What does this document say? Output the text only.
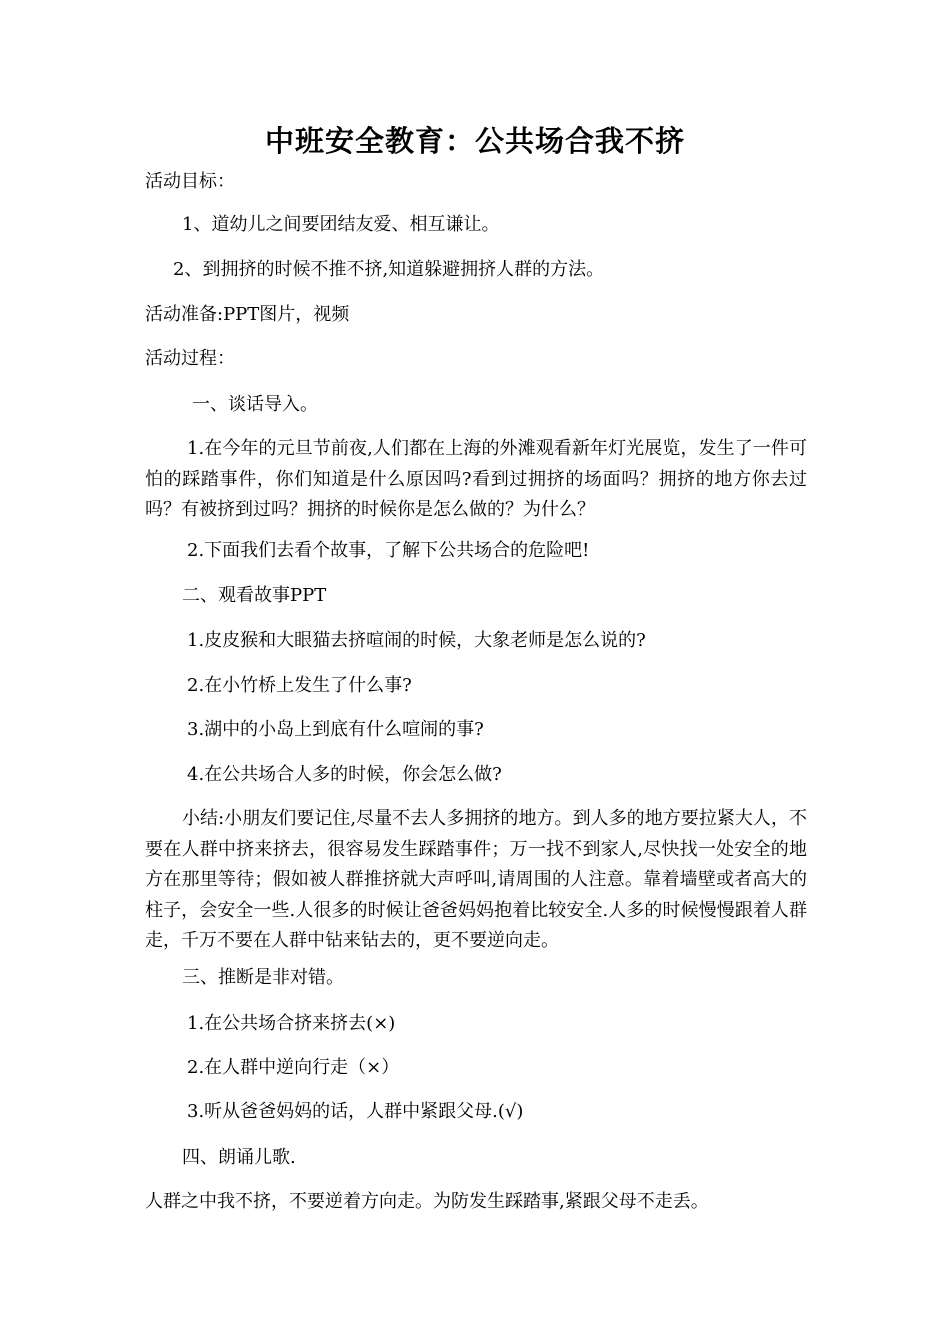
中班安全教育：公共场合我不挤
活动目标：
1、道幼儿之间要团结友爱、相互谦让。
2、到拥挤的时候不推不挤,知道躲避拥挤人群的方法。
活动准备:PPT图片，视频
活动过程：
一、谈话导入。
1.在今年的元旦节前夜,人们都在上海的外滩观看新年灯光展览，发生了一件可怕的踩踏事件，你们知道是什么原因吗?看到过拥挤的场面吗？拥挤的地方你去过吗？有被挤到过吗？拥挤的时候你是怎么做的？为什么？
2.下面我们去看个故事，了解下公共场合的危险吧!
二、观看故事PPT
1.皮皮猴和大眼猫去挤喧闹的时候，大象老师是怎么说的?
2.在小竹桥上发生了什么事?
3.湖中的小岛上到底有什么喧闹的事?
4.在公共场合人多的时候，你会怎么做?
小结:小朋友们要记住,尽量不去人多拥挤的地方。到人多的地方要拉紧大人，不要在人群中挤来挤去，很容易发生踩踏事件；万一找不到家人,尽快找一处安全的地方在那里等待；假如被人群推挤就大声呼叫,请周围的人注意。靠着墙壁或者高大的柱子，会安全一些.人很多的时候让爸爸妈妈抱着比较安全.人多的时候慢慢跟着人群走，千万不要在人群中钻来钻去的，更不要逆向走。
三、推断是非对错。
1.在公共场合挤来挤去(×)
2.在人群中逆向行走（×）
3.听从爸爸妈妈的话，人群中紧跟父母.(√)
四、朗诵儿歌.
人群之中我不挤，不要逆着方向走。为防发生踩踏事,紧跟父母不走丢。
